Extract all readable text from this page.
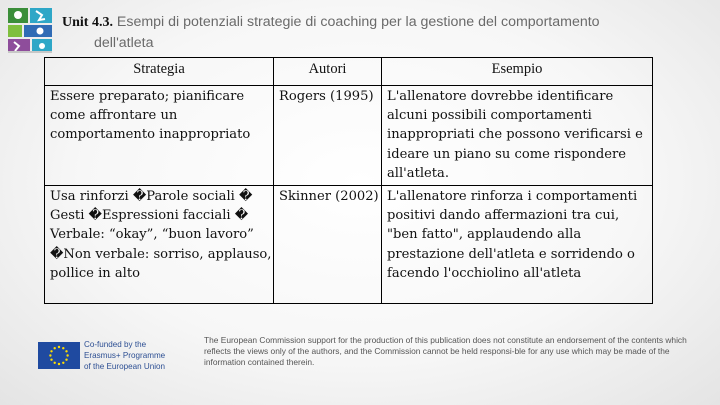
Unit 4.3. Esempi di potenziali strategie di coaching per la gestione del comportamento
dell'atleta
Strategia	Autori	Esempio
Essere preparato; pianificare come affrontare un comportamento inappropriato	Rogers (1995)	L'allenatore dovrebbe identificare alcuni possibili comportamenti inappropriati che possono verificarsi e ideare un piano su come rispondere all'atleta.
Usa rinforzi �Parole sociali � Gesti �Espressioni facciali � Verbale: “okay”, “buon lavoro” �Non verbale: sorriso, applauso, pollice in alto	Skinner (2002)	L'allenatore rinforza i comportamenti positivi dando affermazioni tra cui, "ben fatto", applaudendo alla prestazione dell'atleta e sorridendo o facendo l'occhiolino all'atleta
Co-funded by the
Erasmus+ Programme
of the European Union
The European Commission support for the production of this publication does not constitute an endorsement of the contents which reflects the views only of the authors, and the Commission cannot be held responsi-ble for any use which may be made of the information contained therein.
